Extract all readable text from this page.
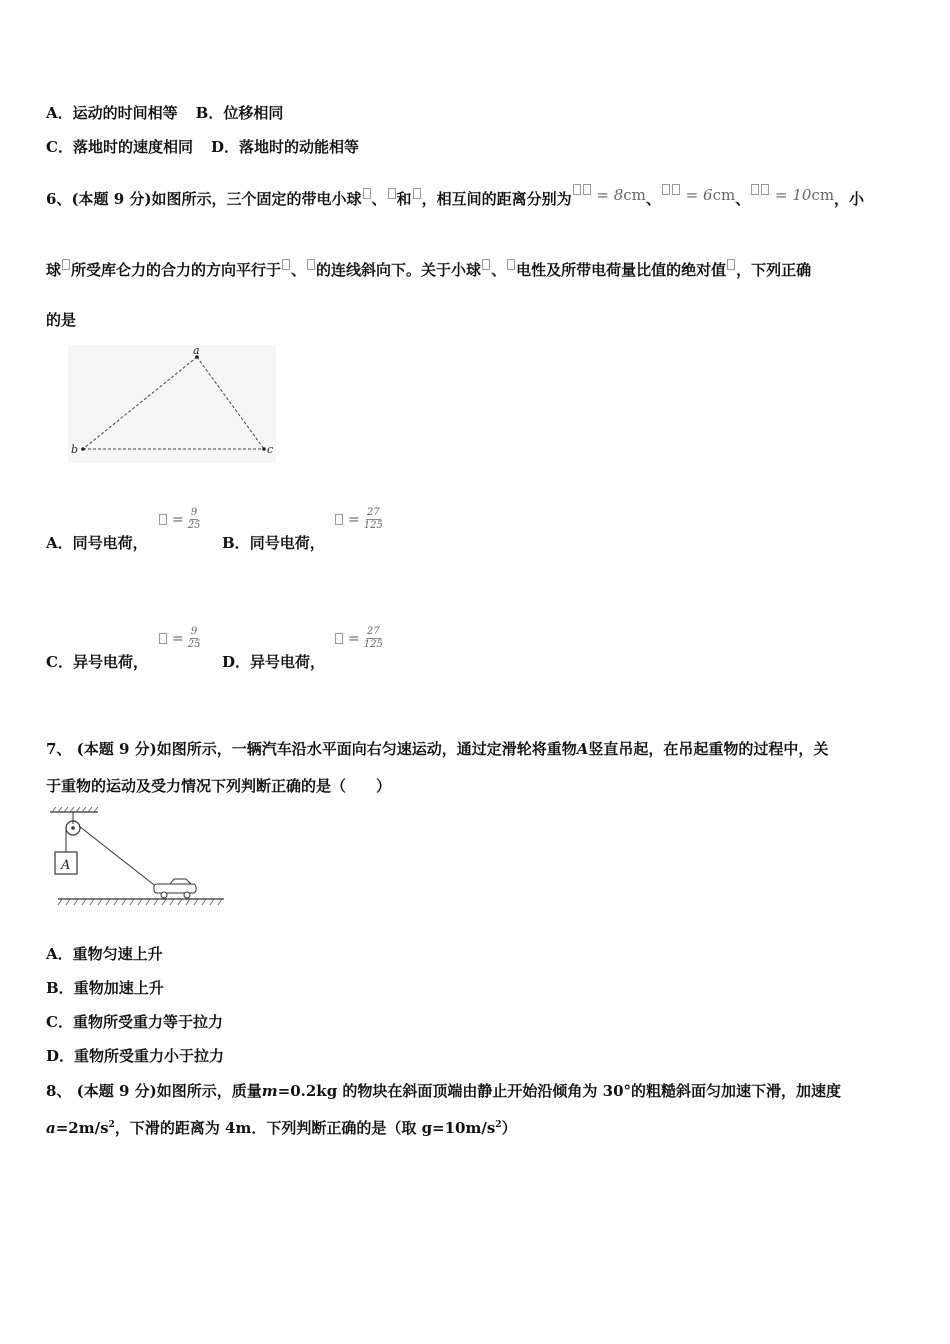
A．运动的时间相等 B．位移相同
C．落地时的速度相同 D．落地时的动能相等
6、(本题 9 分)如图所示，三个固定的带电小球 、 和 ，相互间的距离分别为 = 8cm、 = 6cm、 = 10cm，小
球 所受库仑力的合力的方向平行于 、 的连线斜向下。关于小球 、 电性及所带电荷量比值的绝对值 ，下列正确
的是
a
b	c
A．同号电荷，
= $\frac{9}{25}$
B．同号电荷，
= $\frac{27}{125}$
C．异号电荷，
= $\frac{9}{25}$
D．异号电荷，
= $\frac{27}{125}$
7、 (本题 9 分)如图所示，一辆汽车沿水平面向右匀速运动，通过定滑轮将重物A竖直吊起，在吊起重物的过程中，关
于重物的运动及受力情况下列判断正确的是（　　）
A
A．重物匀速上升
B．重物加速上升
C．重物所受重力等于拉力
D．重物所受重力小于拉力
8、 (本题 9 分)如图所示，质量m=0.2kg 的物块在斜面顶端由静止开始沿倾角为 30°的粗糙斜面匀加速下滑，加速度
$a=2m/s^2$，下滑的距离为 4m．下列判断正确的是（取 $g=10m/s^2$）
